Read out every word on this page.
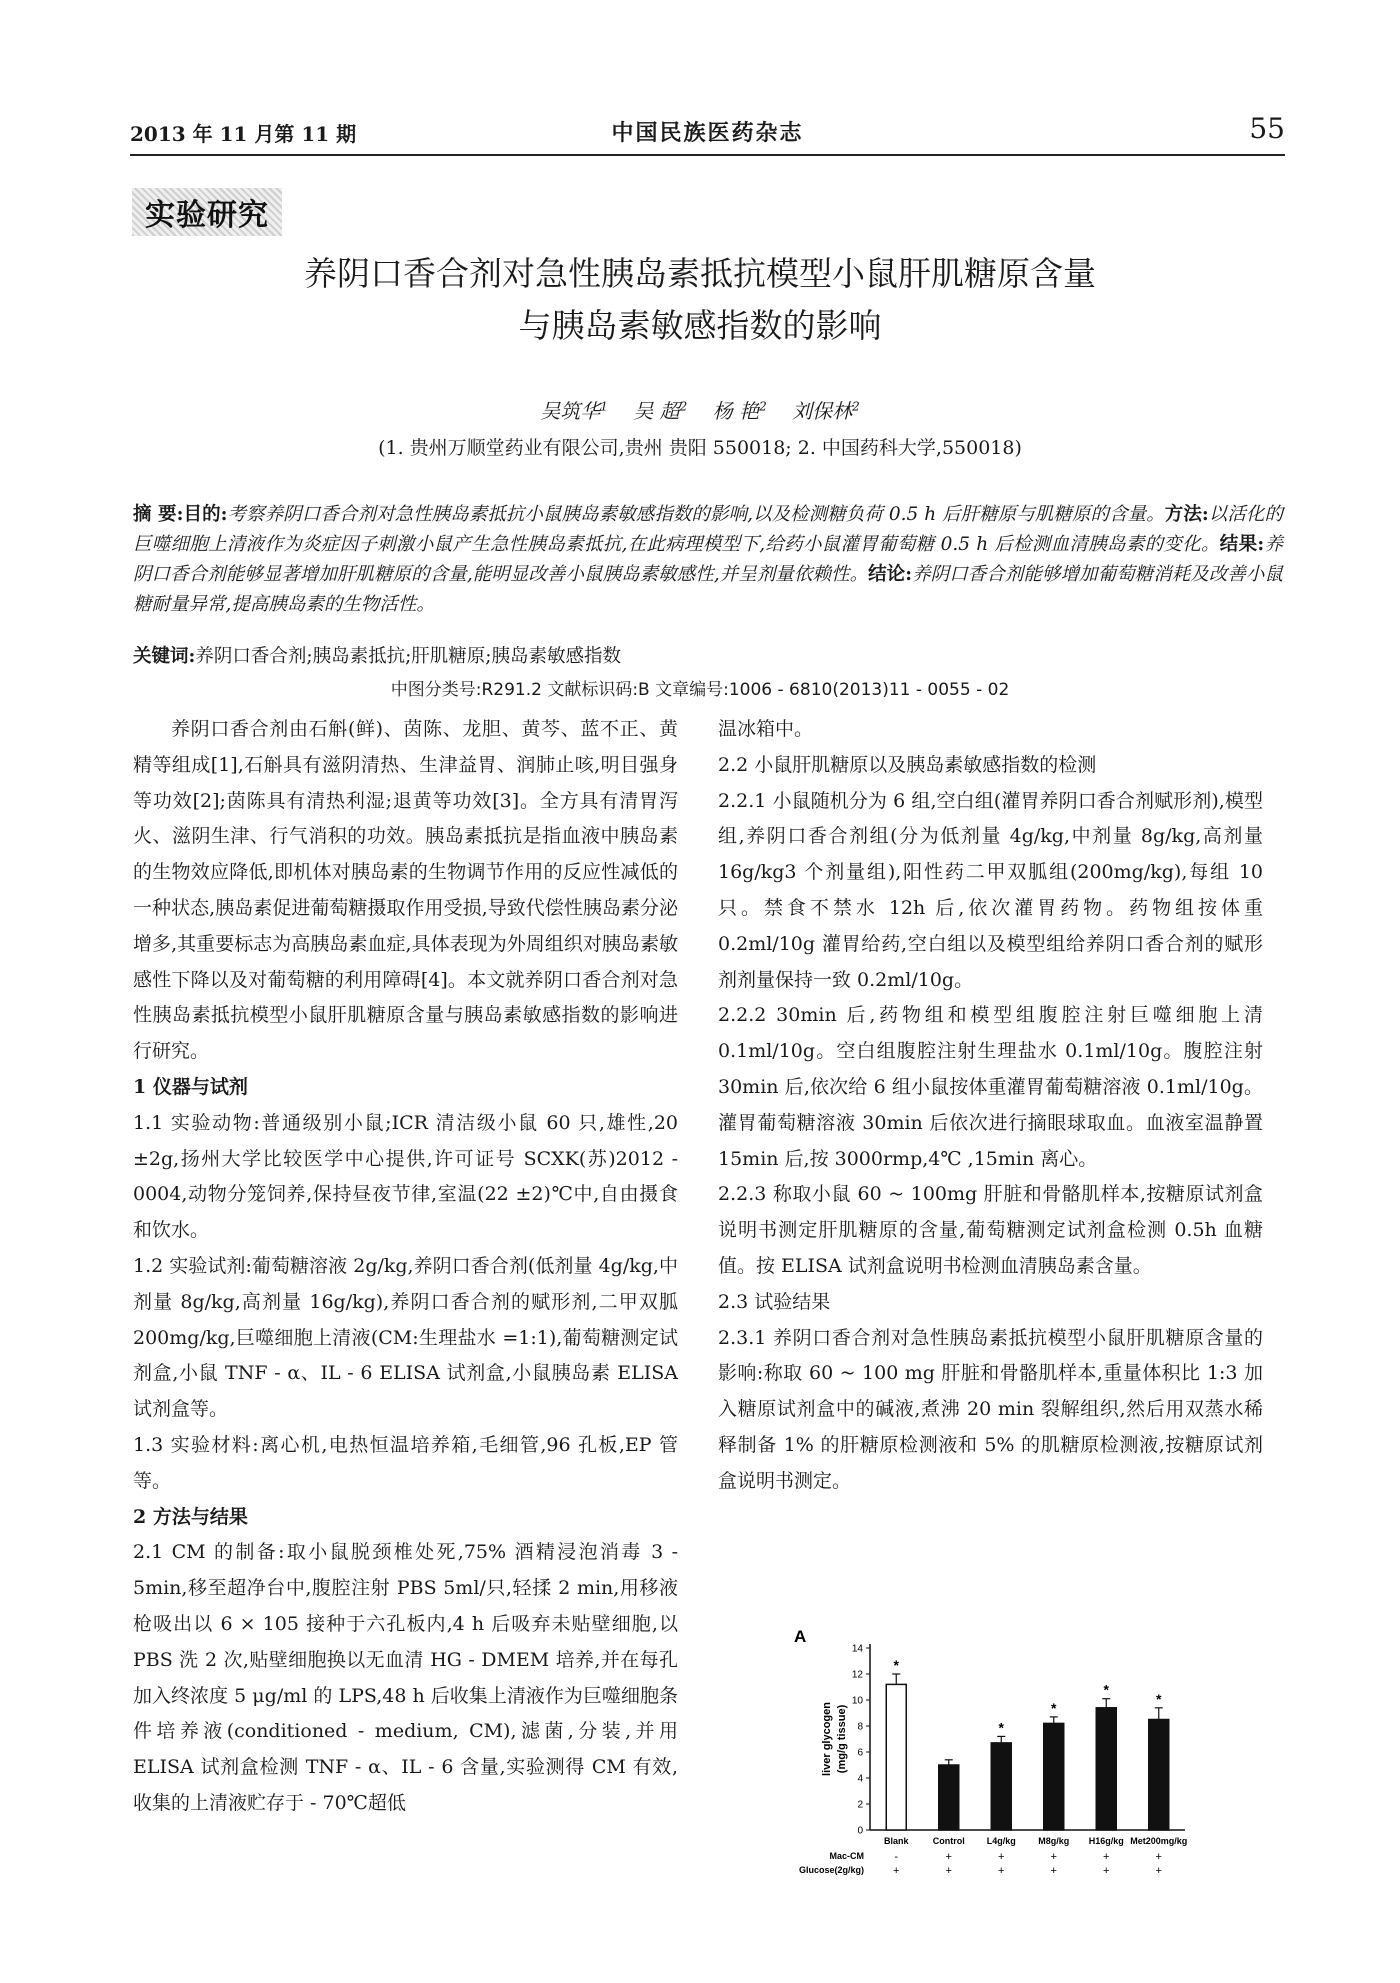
2013 年 11 月第 11 期	中国民族医药杂志	55
实验研究
养阴口香合剂对急性胰岛素抵抗模型小鼠肝肌糖原含量
与胰岛素敏感指数的影响
吴筑华$^1$ 吴 超$^2$ 杨 艳$^2$ 刘保林$^2$
(1. 贵州万顺堂药业有限公司,贵州 贵阳 550018; 2. 中国药科大学,550018)
摘 要:目的:考察养阴口香合剂对急性胰岛素抵抗小鼠胰岛素敏感指数的影响,以及检测糖负荷 0.5 h 后肝糖原与肌糖原的含量。方法:以活化的巨噬细胞上清液作为炎症因子刺激小鼠产生急性胰岛素抵抗,在此病理模型下,给药小鼠灌胃葡萄糖 0.5 h 后检测血清胰岛素的变化。结果:养阴口香合剂能够显著增加肝肌糖原的含量,能明显改善小鼠胰岛素敏感性,并呈剂量依赖性。结论:养阴口香合剂能够增加葡萄糖消耗及改善小鼠糖耐量异常,提高胰岛素的生物活性。
关键词:养阴口香合剂;胰岛素抵抗;肝肌糖原;胰岛素敏感指数
中图分类号:R291.2 文献标识码:B 文章编号:1006 - 6810(2013)11 - 0055 - 02

养阴口香合剂由石斛(鲜)、茵陈、龙胆、黄芩、蓝不正、黄精等组成[1],石斛具有滋阴清热、生津益胃、润肺止咳,明目强身等功效[2];茵陈具有清热利湿;退黄等功效[3]。全方具有清胃泻火、滋阴生津、行气消积的功效。胰岛素抵抗是指血液中胰岛素的生物效应降低,即机体对胰岛素的生物调节作用的反应性减低的一种状态,胰岛素促进葡萄糖摄取作用受损,导致代偿性胰岛素分泌增多,其重要标志为高胰岛素血症,具体表现为外周组织对胰岛素敏感性下降以及对葡萄糖的利用障碍[4]。本文就养阴口香合剂对急性胰岛素抵抗模型小鼠肝肌糖原含量与胰岛素敏感指数的影响进行研究。

1 仪器与试剂

1.1 实验动物:普通级别小鼠;ICR 清洁级小鼠 60 只,雄性,20 ±2g,扬州大学比较医学中心提供,许可证号 SCXK(苏)2012 - 0004,动物分笼饲养,保持昼夜节律,室温(22 ±2)℃中,自由摄食和饮水。

1.2 实验试剂:葡萄糖溶液 2g/kg,养阴口香合剂(低剂量 4g/kg,中剂量 8g/kg,高剂量 16g/kg),养阴口香合剂的赋形剂,二甲双胍 200mg/kg,巨噬细胞上清液(CM:生理盐水 =1:1),葡萄糖测定试剂盒,小鼠 TNF - α、IL - 6 ELISA 试剂盒,小鼠胰岛素 ELISA 试剂盒等。

1.3 实验材料:离心机,电热恒温培养箱,毛细管,96 孔板,EP 管等。

2 方法与结果

2.1 CM 的制备:取小鼠脱颈椎处死,75% 酒精浸泡消毒 3 - 5min,移至超净台中,腹腔注射 PBS 5ml/只,轻揉 2 min,用移液枪吸出以 6 × 105 接种于六孔板内,4 h 后吸弃未贴壁细胞,以 PBS 洗 2 次,贴壁细胞换以无血清 HG - DMEM 培养,并在每孔加入终浓度 5 μg/ml 的 LPS,48 h 后收集上清液作为巨噬细胞条件培养液(conditioned - medium, CM),滤菌,分装,并用 ELISA 试剂盒检测 TNF - α、IL - 6 含量,实验测得 CM 有效,收集的上清液贮存于 - 70℃超低

温冰箱中。

2.2 小鼠肝肌糖原以及胰岛素敏感指数的检测

2.2.1 小鼠随机分为 6 组,空白组(灌胃养阴口香合剂赋形剂),模型组,养阴口香合剂组(分为低剂量 4g/kg,中剂量 8g/kg,高剂量 16g/kg3 个剂量组),阳性药二甲双胍组(200mg/kg),每组 10 只。禁食不禁水 12h 后,依次灌胃药物。药物组按体重 0.2ml/10g 灌胃给药,空白组以及模型组给养阴口香合剂的赋形剂剂量保持一致 0.2ml/10g。

2.2.2 30min 后,药物组和模型组腹腔注射巨噬细胞上清 0.1ml/10g。空白组腹腔注射生理盐水 0.1ml/10g。腹腔注射 30min 后,依次给 6 组小鼠按体重灌胃葡萄糖溶液 0.1ml/10g。灌胃葡萄糖溶液 30min 后依次进行摘眼球取血。血液室温静置 15min 后,按 3000rmp,4℃ ,15min 离心。

2.2.3 称取小鼠 60 ~ 100mg 肝脏和骨骼肌样本,按糖原试剂盒说明书测定肝肌糖原的含量,葡萄糖测定试剂盒检测 0.5h 血糖值。按 ELISA 试剂盒说明书检测血清胰岛素含量。

2.3 试验结果

2.3.1 养阴口香合剂对急性胰岛素抵抗模型小鼠肝肌糖原含量的影响:称取 60 ~ 100 mg 肝脏和骨骼肌样本,重量体积比 1:3 加入糖原试剂盒中的碱液,煮沸 20 min 裂解组织,然后用双蒸水稀释制备 1% 的肝糖原检测液和 5% 的肌糖原检测液,按糖原试剂盒说明书测定。

A
0
2
4
6
8
10
12
14
liver glycogen (mg/g tissue)
*
Blank
-
+
Control
+
+
*
L4g/kg
+
+
*
M8g/kg
+
+
*
H16g/kg
+
+
*
Met200mg/kg
+
+
Mac-CM
Glucose(2g/kg)
